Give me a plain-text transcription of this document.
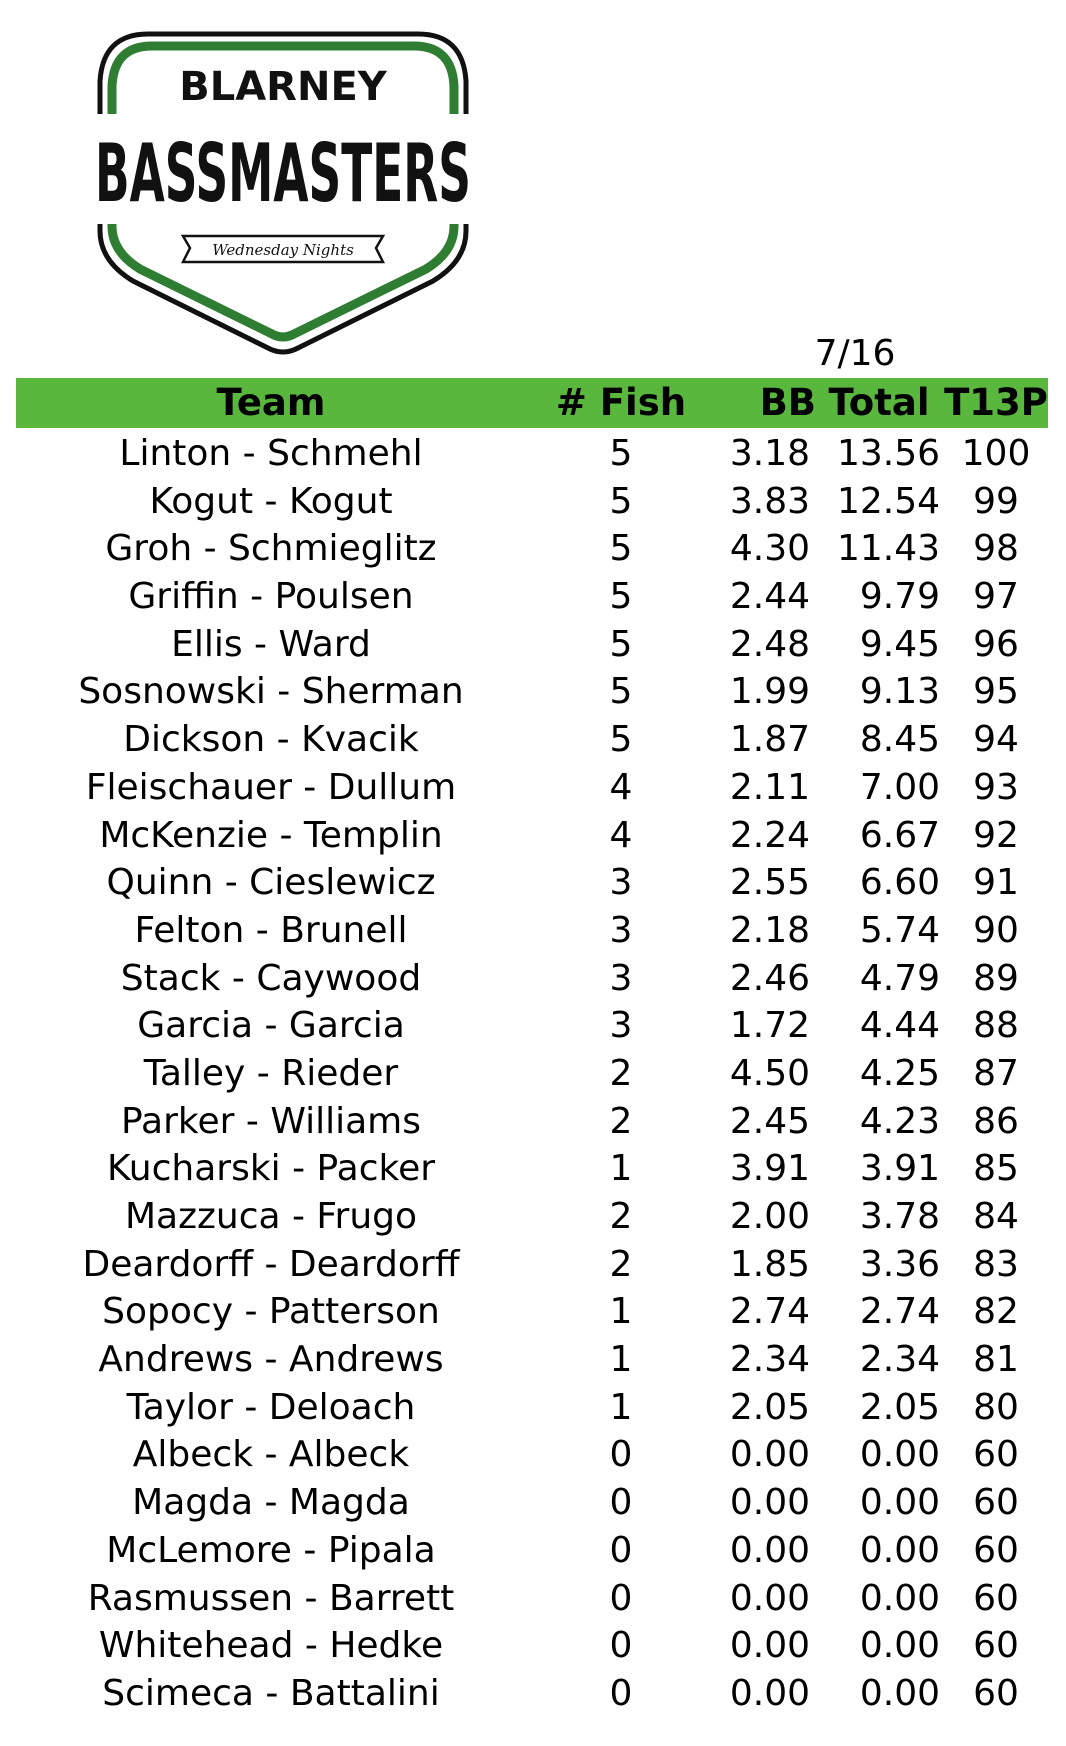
BLARNEY
BASSMASTERS
Wednesday Nights
7/16
Team	# Fish	BB Total T13P
Linton - Schmehl	5	3.18 13.56 100
Kogut - Kogut	5	3.83 12.54 99
Groh - Schmieglitz	5	4.30 11.43 98
Griffin - Poulsen	5	2.44	9.79 97
Ellis - Ward	5	2.48	9.45 96
Sosnowski - Sherman	5	1.99	9.13 95
Dickson - Kvacik	5	1.87	8.45 94
Fleischauer - Dullum	4	2.11	7.00 93
McKenzie - Templin	4	2.24	6.67 92
Quinn - Cieslewicz	3	2.55	6.60 91
Felton - Brunell	3	2.18	5.74 90
Stack - Caywood	3	2.46	4.79 89
Garcia - Garcia	3	1.72	4.44 88
Talley - Rieder	2	4.50	4.25 87
Parker - Williams	2	2.45	4.23 86
Kucharski - Packer	1	3.91	3.91 85
Mazzuca - Frugo	2	2.00	3.78 84
Deardorff - Deardorff	2	1.85	3.36 83
Sopocy - Patterson	1	2.74	2.74 82
Andrews - Andrews	1	2.34	2.34 81
Taylor - Deloach	1	2.05	2.05 80
Albeck - Albeck	0	0.00	0.00 60
Magda - Magda	0	0.00	0.00 60
McLemore - Pipala	0	0.00	0.00 60
Rasmussen - Barrett	0	0.00	0.00 60
Whitehead - Hedke	0	0.00	0.00 60
Scimeca - Battalini	0	0.00	0.00 60
